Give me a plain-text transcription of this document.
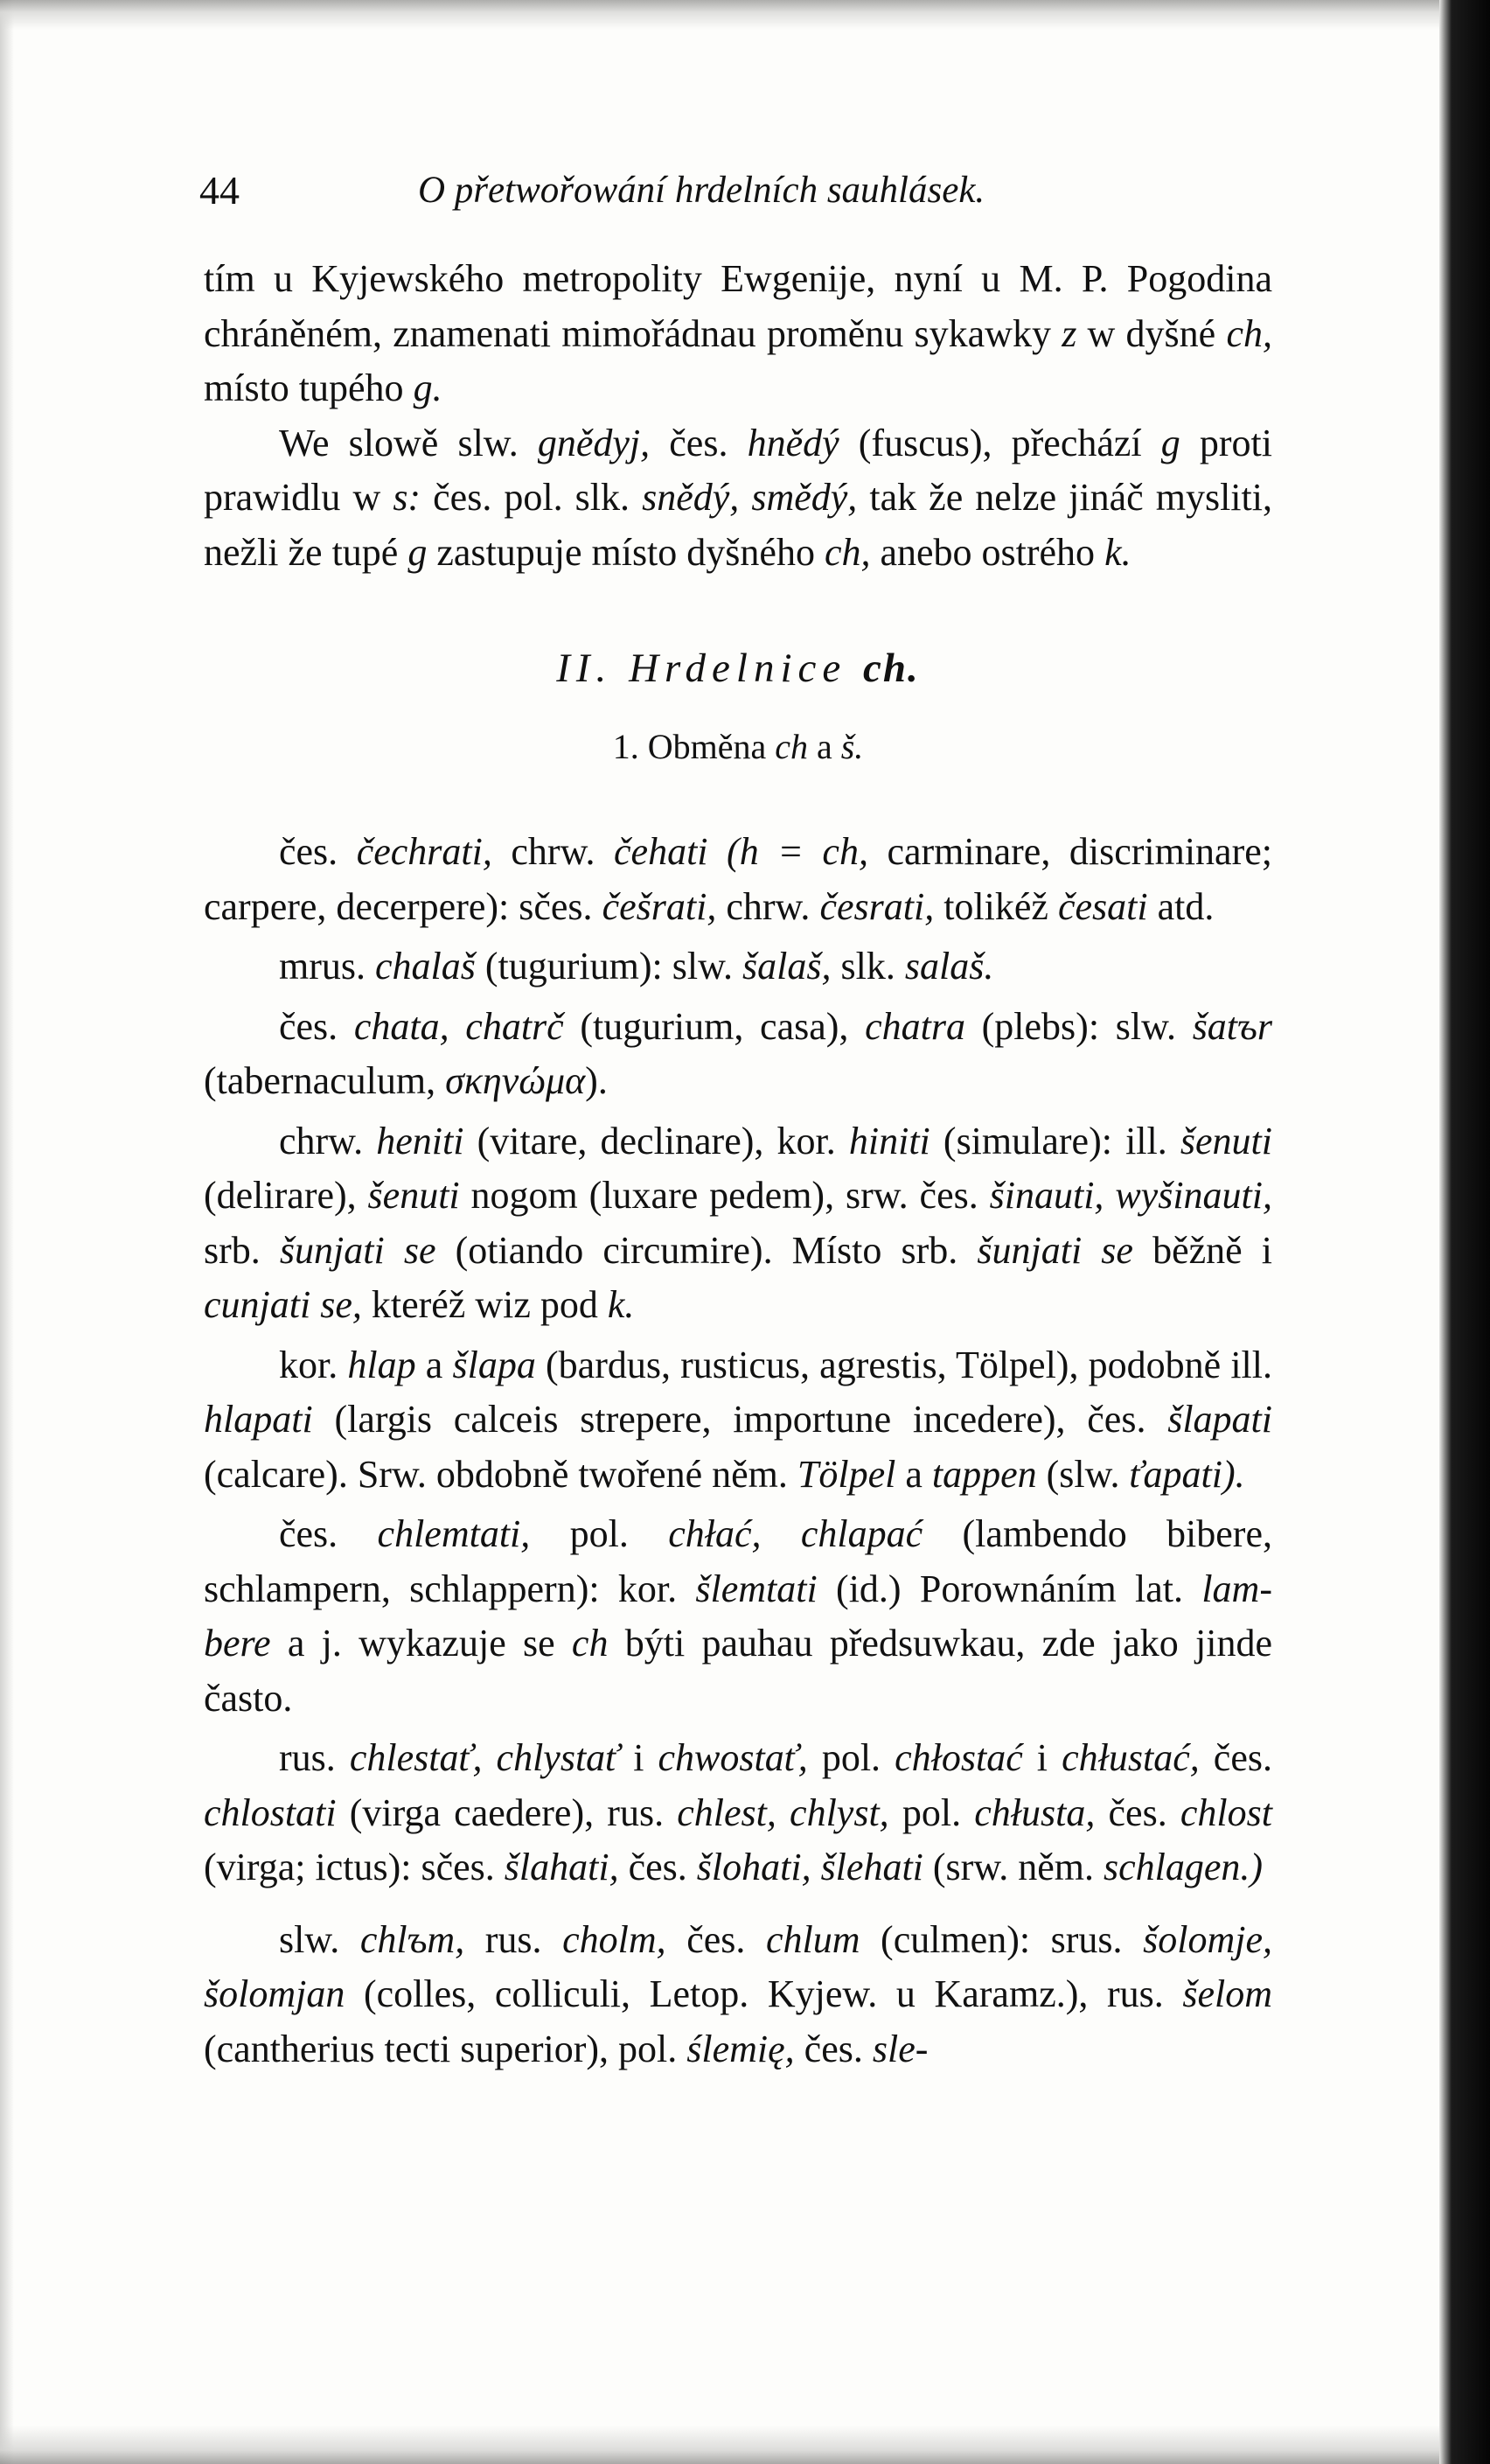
44	O přetwořowání hrdelních sauhlásek.

tím u Kyjewského metropolity Ewgenije, nyní u M. P. Pogodina chráněném, znamenati mimořádnau proměnu sykawky z w dyšné ch, místo tupého g.

We slowě slw. gnědyj, čes. hnědý (fuscus), přechází g proti prawidlu w s: čes. pol. slk. snědý, smědý, tak že nelze jináč mysliti, nežli že tupé g zastupuje místo dyšného ch, anebo ostrého k.

II. Hrdelnice ch.
1. Obměna ch a š.

čes. čechrati, chrw. čehati (h = ch, carminare, discriminare; carpere, decerpere): sčes. češrati, chrw. česrati, tolikéž česati atd.

mrus. chalaš (tugurium): slw. šalaš, slk. salaš.

čes. chata, chatrč (tugurium, casa), chatra (plebs): slw. šatъr (tabernaculum, σκηνώμα).

chrw. heniti (vitare, declinare), kor. hiniti (simulare): ill. šenuti (delirare), šenuti nogom (luxare pedem), srw. čes. šinauti, wyšinauti, srb. šunjati se (otiando circumire). Místo srb. šunjati se běžně i cunjati se, kteréž wiz pod k.

kor. hlap a šlapa (bardus, rusticus, agrestis, Tölpel), podobně ill. hlapati (largis calceis strepere, importune incedere), čes. šlapati (calcare). Srw. obdobně twořené něm. Tölpel a tappen (slw. ťapati).

čes. chlemtati, pol. chłać, chlapać (lambendo bibere, schlampern, schlappern): kor. šlemtati (id.) Porownáním lat. lam-bere a j. wykazuje se ch býti pauhau předsuwkau, zde jako jinde často.

rus. chlestať, chlystať i chwostať, pol. chłostać i chłustać, čes. chlostati (virga caedere), rus. chlest, chlyst, pol. chłusta, čes. chlost (virga; ictus): sčes. šlahati, čes. šlohati, šlehati (srw. něm. schlagen.)

slw. chlъm, rus. cholm, čes. chlum (culmen): srus. šolomje, šolomjan (colles, colliculi, Letop. Kyjew. u Karamz.), rus. šelom (cantherius tecti superior), pol. ślemię, čes. sle-
